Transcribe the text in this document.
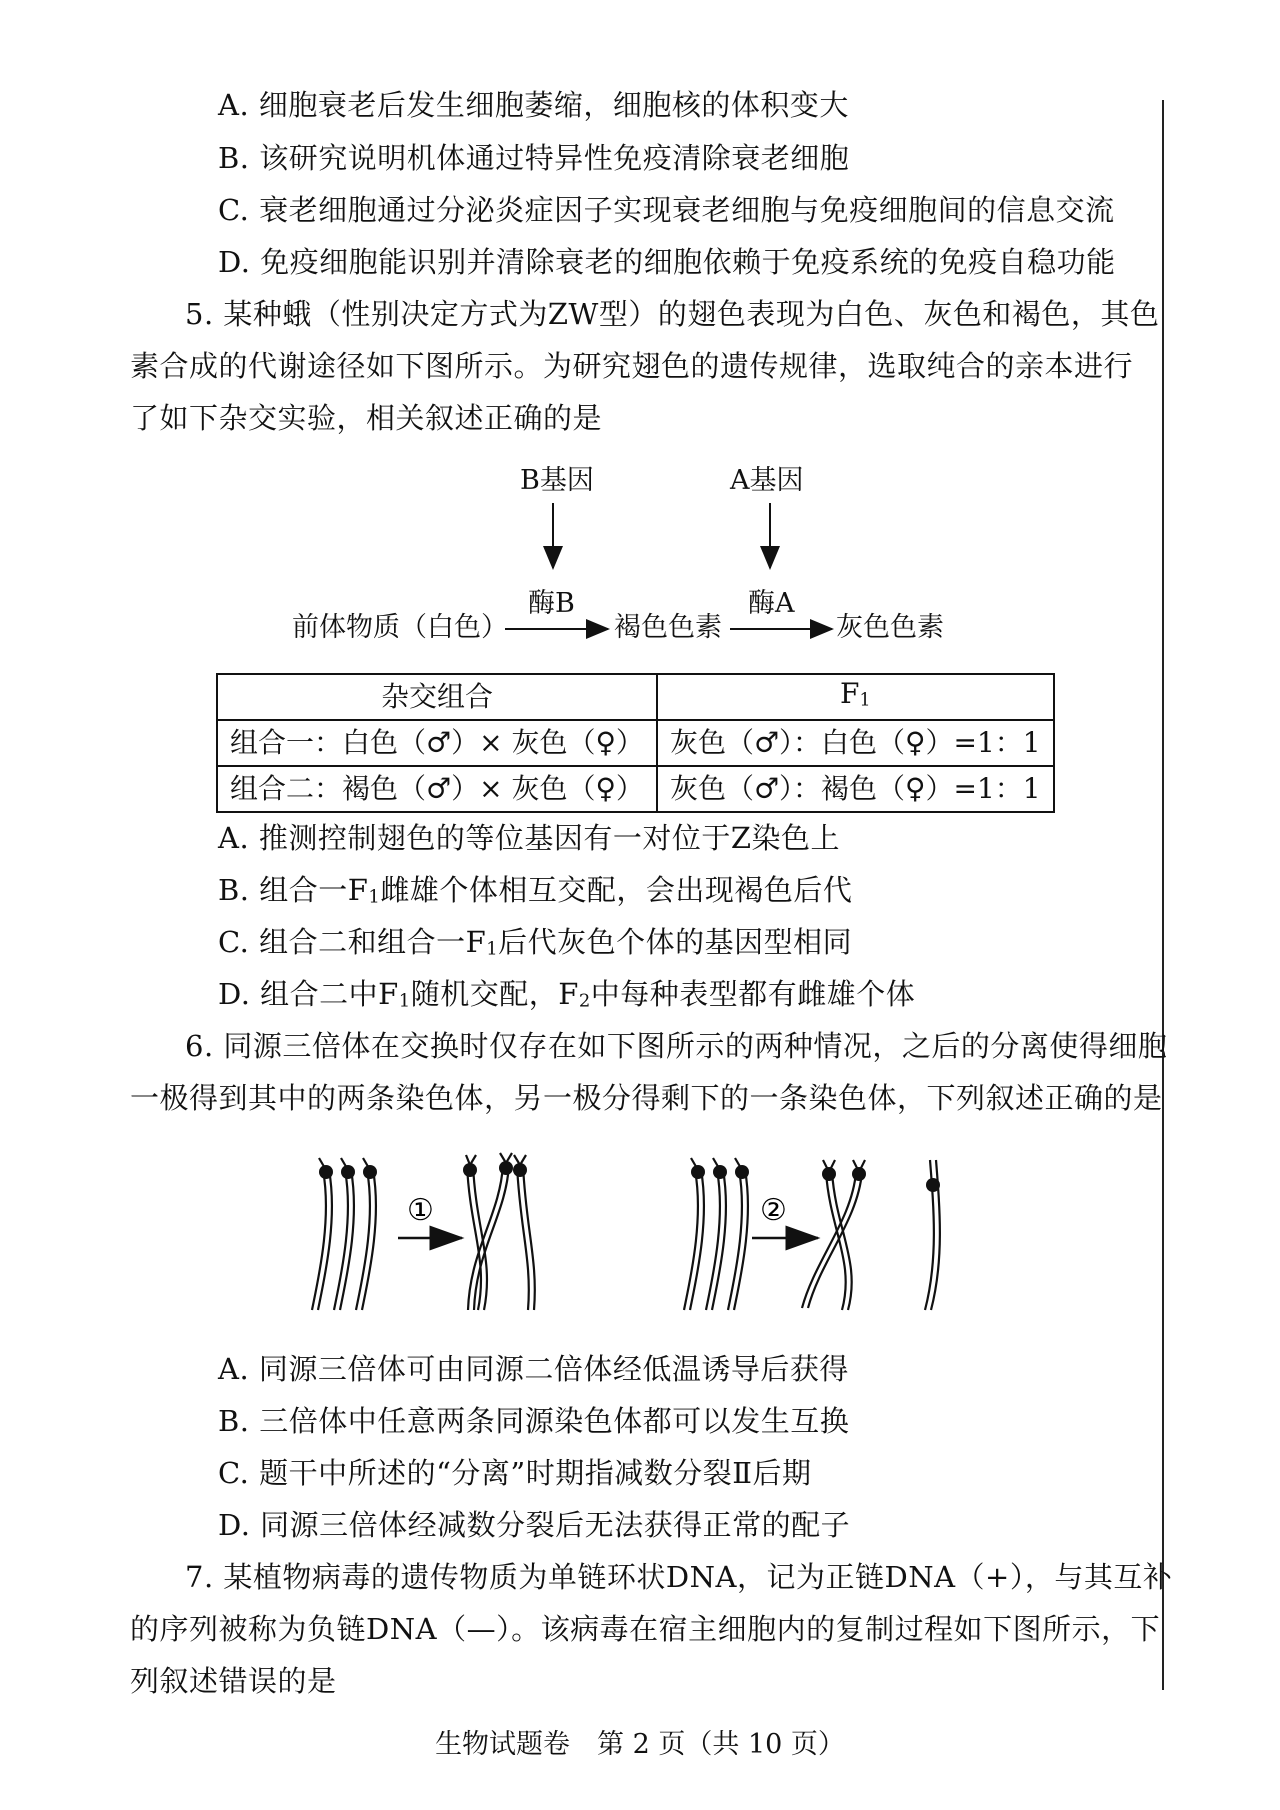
A. 细胞衰老后发生细胞萎缩，细胞核的体积变大
B. 该研究说明机体通过特异性免疫清除衰老细胞
C. 衰老细胞通过分泌炎症因子实现衰老细胞与免疫细胞间的信息交流
D. 免疫细胞能识别并清除衰老的细胞依赖于免疫系统的免疫自稳功能
5. 某种蛾（性别决定方式为ZW型）的翅色表现为白色、灰色和褐色，其色
素合成的代谢途径如下图所示。为研究翅色的遗传规律，选取纯合的亲本进行
了如下杂交实验，相关叙述正确的是
B基因	A基因
酶B	酶A
前体物质（白色）	褐色色素	灰色色素
杂交组合	$F_1$
组合一：白色（♂）× 灰色（♀）	灰色（♂）：白色（♀）=1：1
组合二：褐色（♂）× 灰色（♀）	灰色（♂）：褐色（♀）=1：1
A. 推测控制翅色的等位基因有一对位于Z染色上
B. 组合一$F_1$雌雄个体相互交配，会出现褐色后代
C. 组合二和组合一$F_1$后代灰色个体的基因型相同
D. 组合二中$F_1$随机交配，$F_2$中每种表型都有雌雄个体
6. 同源三倍体在交换时仅存在如下图所示的两种情况，之后的分离使得细胞
一极得到其中的两条染色体，另一极分得剩下的一条染色体，下列叙述正确的是
①	②
A. 同源三倍体可由同源二倍体经低温诱导后获得
B. 三倍体中任意两条同源染色体都可以发生互换
C. 题干中所述的“分离”时期指减数分裂Ⅱ后期
D. 同源三倍体经减数分裂后无法获得正常的配子
7. 某植物病毒的遗传物质为单链环状DNA，记为正链DNA（+），与其互补
的序列被称为负链DNA（—）。该病毒在宿主细胞内的复制过程如下图所示，下
列叙述错误的是
生物试题卷　第 2 页（共 10 页）
